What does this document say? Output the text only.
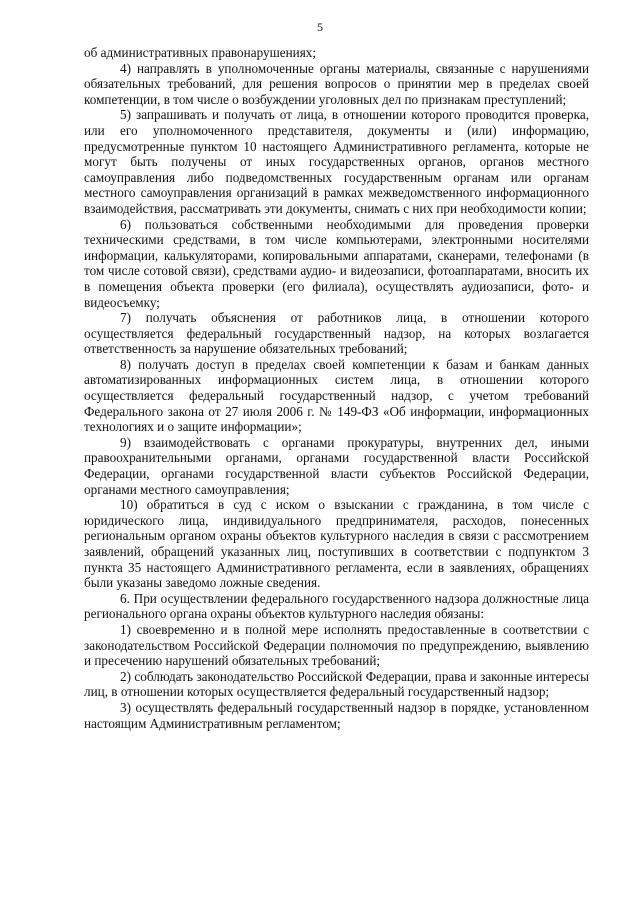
5

об административных правонарушениях;

4) направлять в уполномоченные органы материалы, связанные с нарушениями обязательных требований, для решения вопросов о принятии мер в пределах своей компетенции, в том числе о возбуждении уголовных дел по признакам преступлений;

5) запрашивать и получать от лица, в отношении которого проводится проверка, или его уполномоченного представителя, документы и (или) информацию, предусмотренные пунктом 10 настоящего Административного регламента, которые не могут быть получены от иных государственных органов, органов местного самоуправления либо подведомственных государственным органам или органам местного самоуправления организаций в рамках межведомственного информационного взаимодействия, рассматривать эти документы, снимать с них при необходимости копии;

6) пользоваться собственными необходимыми для проведения проверки техническими средствами, в том числе компьютерами, электронными носителями информации, калькуляторами, копировальными аппаратами, сканерами, телефонами (в том числе сотовой связи), средствами аудио- и видеозаписи, фотоаппаратами, вносить их в помещения объекта проверки (его филиала), осуществлять аудиозаписи, фото- и видеосъемку;

7) получать объяснения от работников лица, в отношении которого осуществляется федеральный государственный надзор, на которых возлагается ответственность за нарушение обязательных требований;

8) получать доступ в пределах своей компетенции к базам и банкам данных автоматизированных информационных систем лица, в отношении которого осуществляется федеральный государственный надзор, с учетом требований Федерального закона от 27 июля 2006 г. № 149-ФЗ «Об информации, информационных технологиях и о защите информации»;

9) взаимодействовать с органами прокуратуры, внутренних дел, иными правоохранительными органами, органами государственной власти Российской Федерации, органами государственной власти субъектов Российской Федерации, органами местного самоуправления;

10) обратиться в суд с иском о взыскании с гражданина, в том числе с юридического лица, индивидуального предпринимателя, расходов, понесенных региональным органом охраны объектов культурного наследия в связи с рассмотрением заявлений, обращений указанных лиц, поступивших в соответствии с подпунктом 3 пункта 35 настоящего Административного регламента, если в заявлениях, обращениях были указаны заведомо ложные сведения.

6. При осуществлении федерального государственного надзора должностные лица регионального органа охраны объектов культурного наследия обязаны:

1) своевременно и в полной мере исполнять предоставленные в соответствии с законодательством Российской Федерации полномочия по предупреждению, выявлению и пресечению нарушений обязательных требований;

2) соблюдать законодательство Российской Федерации, права и законные интересы лиц, в отношении которых осуществляется федеральный государственный надзор;

3) осуществлять федеральный государственный надзор в порядке, установленном настоящим Административным регламентом;
